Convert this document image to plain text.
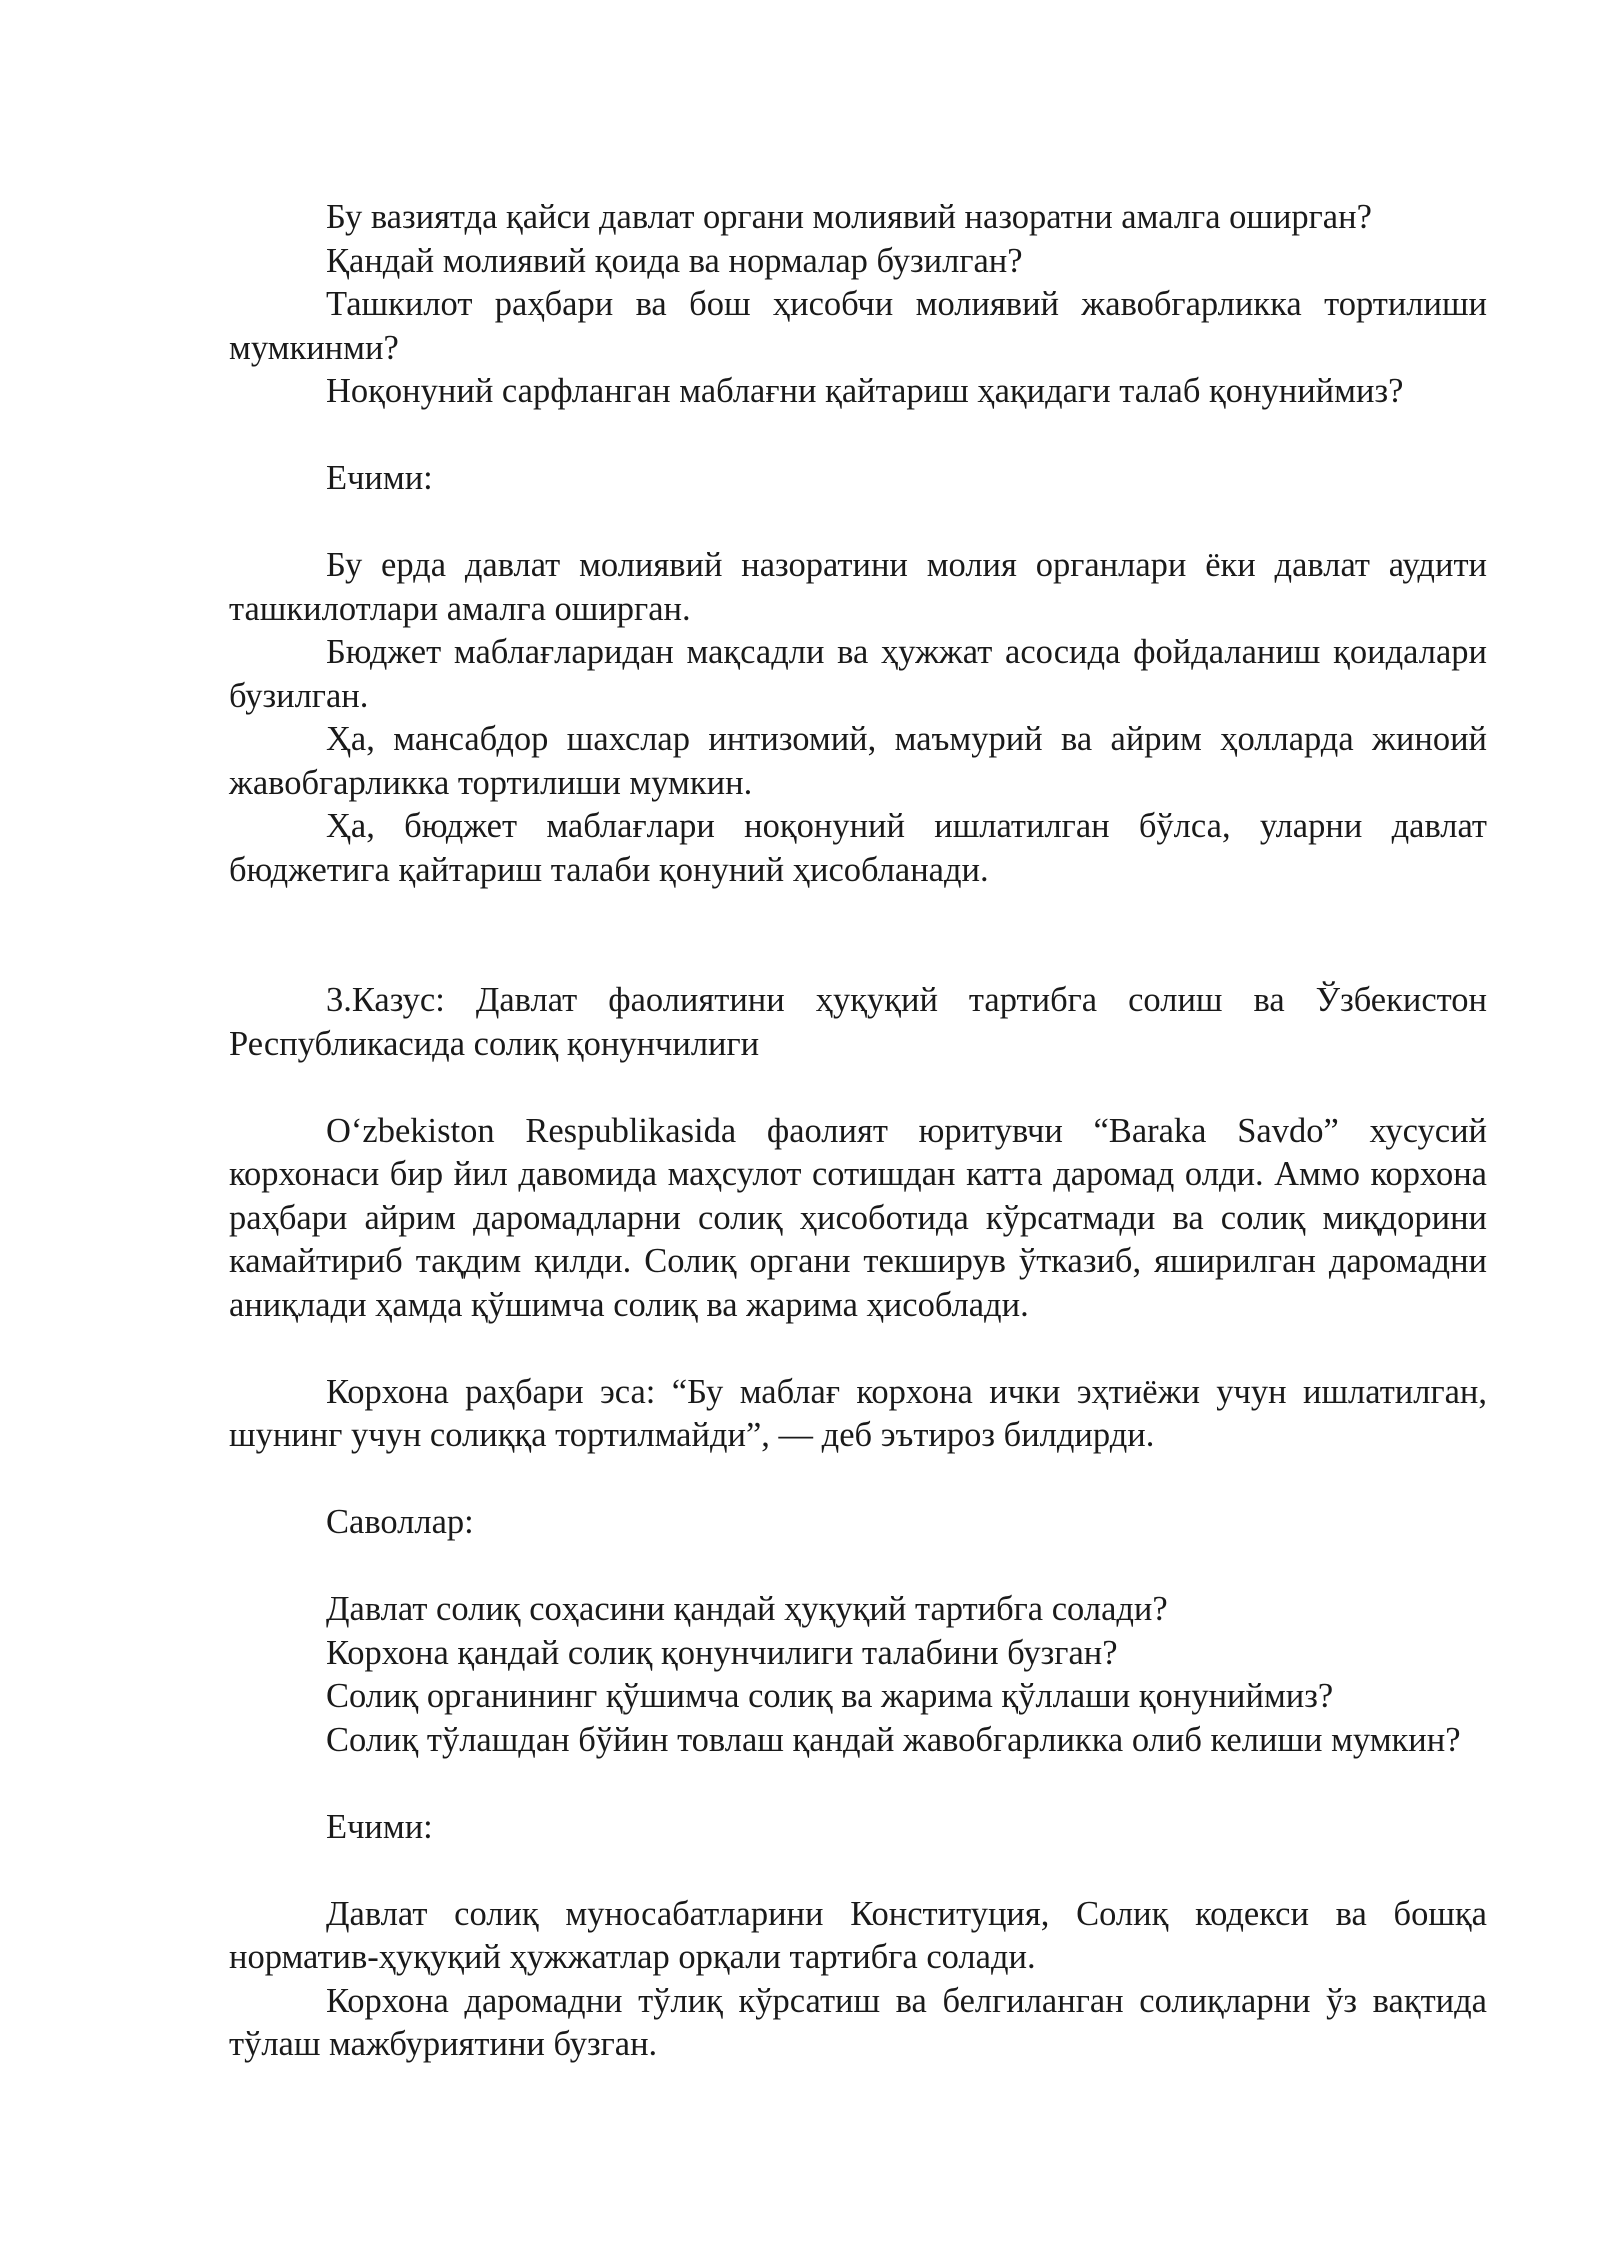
Бу вазиятда қайси давлат органи молиявий назоратни амалга оширган?

Қандай молиявий қоида ва нормалар бузилган?

Ташкилот раҳбари ва бош ҳисобчи молиявий жавобгарликка тортилиши мумкинми?

Ноқонуний сарфланган маблағни қайтариш ҳақидаги талаб қонуниймиз?

Ечими:

Бу ерда давлат молиявий назоратини молия органлари ёки давлат аудити ташкилотлари амалга оширган.

Бюджет маблағларидан мақсадли ва ҳужжат асосида фойдаланиш қоидалари бузилган.

Ҳа, мансабдор шахслар интизомий, маъмурий ва айрим ҳолларда жиноий жавобгарликка тортилиши мумкин.

Ҳа, бюджет маблағлари ноқонуний ишлатилган бўлса, уларни давлат бюджетига қайтариш талаби қонуний ҳисобланади.

3.Казус: Давлат фаолиятини ҳуқуқий тартибга солиш ва Ўзбекистон Республикасида солиқ қонунчилиги

O‘zbekiston Respublikasida фаолият юритувчи “Baraka Savdo” хусусий корхонаси бир йил давомида маҳсулот сотишдан катта даромад олди. Аммо корхона раҳбари айрим даромадларни солиқ ҳисоботида кўрсатмади ва солиқ миқдорини камайтириб тақдим қилди. Солиқ органи текширув ўтказиб, яширилган даромадни аниқлади ҳамда қўшимча солиқ ва жарима ҳисоблади.

Корхона раҳбари эса: “Бу маблағ корхона ички эҳтиёжи учун ишлатилган, шунинг учун солиққа тортилмайди”, — деб эътироз билдирди.

Саволлар:

Давлат солиқ соҳасини қандай ҳуқуқий тартибга солади?

Корхона қандай солиқ қонунчилиги талабини бузган?

Солиқ органининг қўшимча солиқ ва жарима қўллаши қонуниймиз?

Солиқ тўлашдан бўйин товлаш қандай жавобгарликка олиб келиши мумкин?

Ечими:

Давлат солиқ муносабатларини Конституция, Солиқ кодекси ва бошқа норматив-ҳуқуқий ҳужжатлар орқали тартибга солади.

Корхона даромадни тўлиқ кўрсатиш ва белгиланган солиқларни ўз вақтида тўлаш мажбуриятини бузган.
